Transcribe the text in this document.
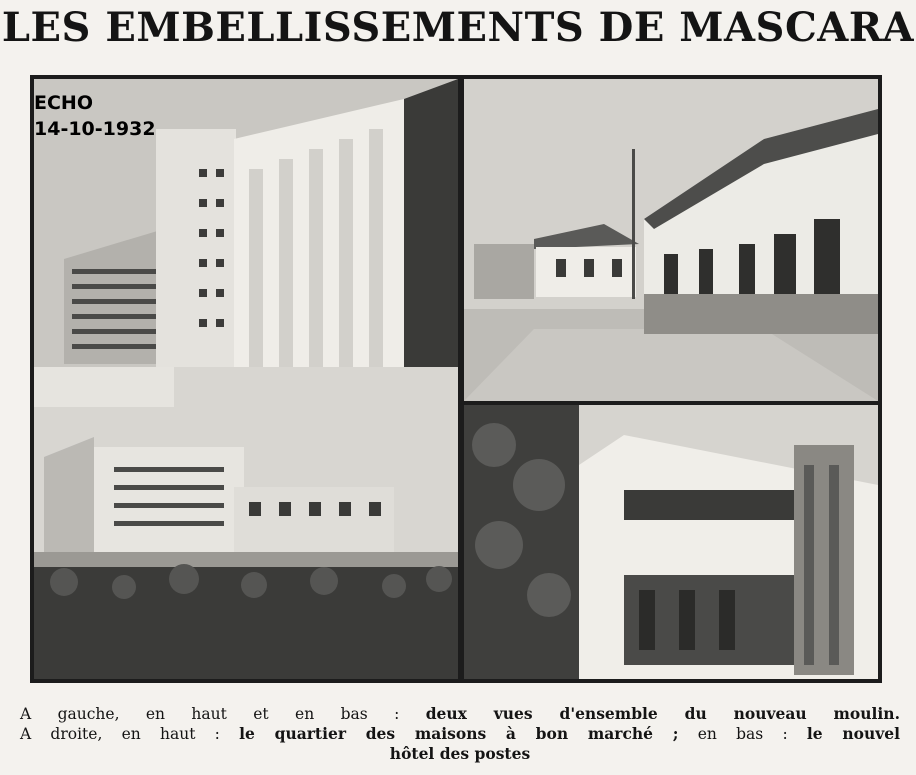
LES EMBELLISSEMENTS DE MASCARA
ECHO
14-10-1932
A gauche, en haut et en bas : deux vues d'ensemble du nouveau moulin.
A droite, en haut : le quartier des maisons à bon marché ; en bas : le nouvel
hôtel des postes
